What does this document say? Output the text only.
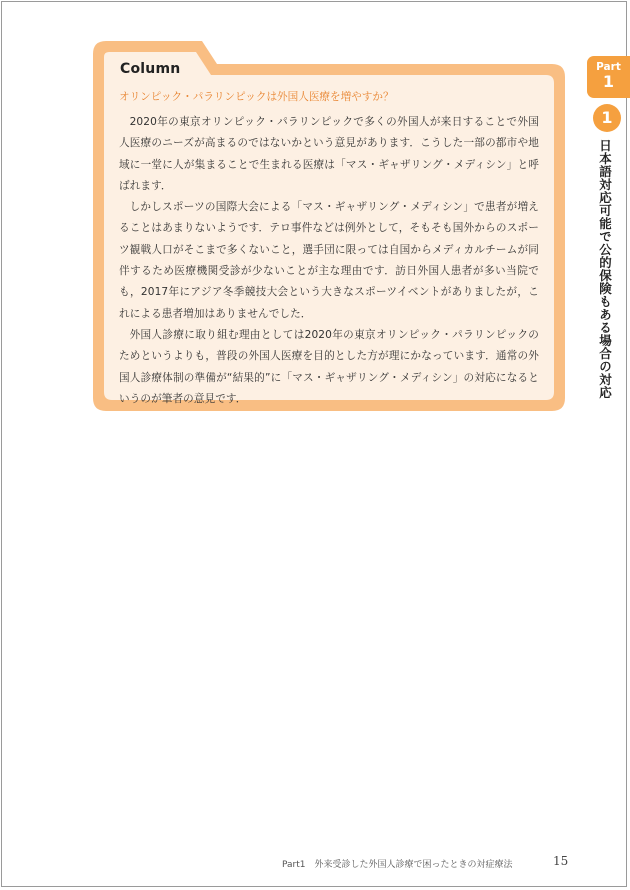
Column

オリンピック・パラリンピックは外国人医療を増やすか？

2020年の東京オリンピック・パラリンピックで多くの外国人が来日することで外国人医療のニーズが高まるのではないかという意見があります．こうした一部の都市や地域に一堂に人が集まることで生まれる医療は「マス・ギャザリング・メディシン」と呼ばれます．

しかしスポーツの国際大会による「マス・ギャザリング・メディシン」で患者が増えることはあまりないようです．テロ事件などは例外として，そもそも国外からのスポーツ観戦人口がそこまで多くないこと，選手団に限っては自国からメディカルチームが同伴するため医療機関受診が少ないことが主な理由です．訪日外国人患者が多い当院でも，2017年にアジア冬季競技大会という大きなスポーツイベントがありましたが，これによる患者増加はありませんでした．

外国人診療に取り組む理由としては2020年の東京オリンピック・パラリンピックのためというよりも，普段の外国人医療を目的とした方が理にかなっています．通常の外国人診療体制の準備が“結果的”に「マス・ギャザリング・メディシン」の対応になるというのが筆者の意見です．

Part
1
1
日本語対応可能で公的保険もある場合の対応
Part1　外来受診した外国人診療で困ったときの対症療法	15
